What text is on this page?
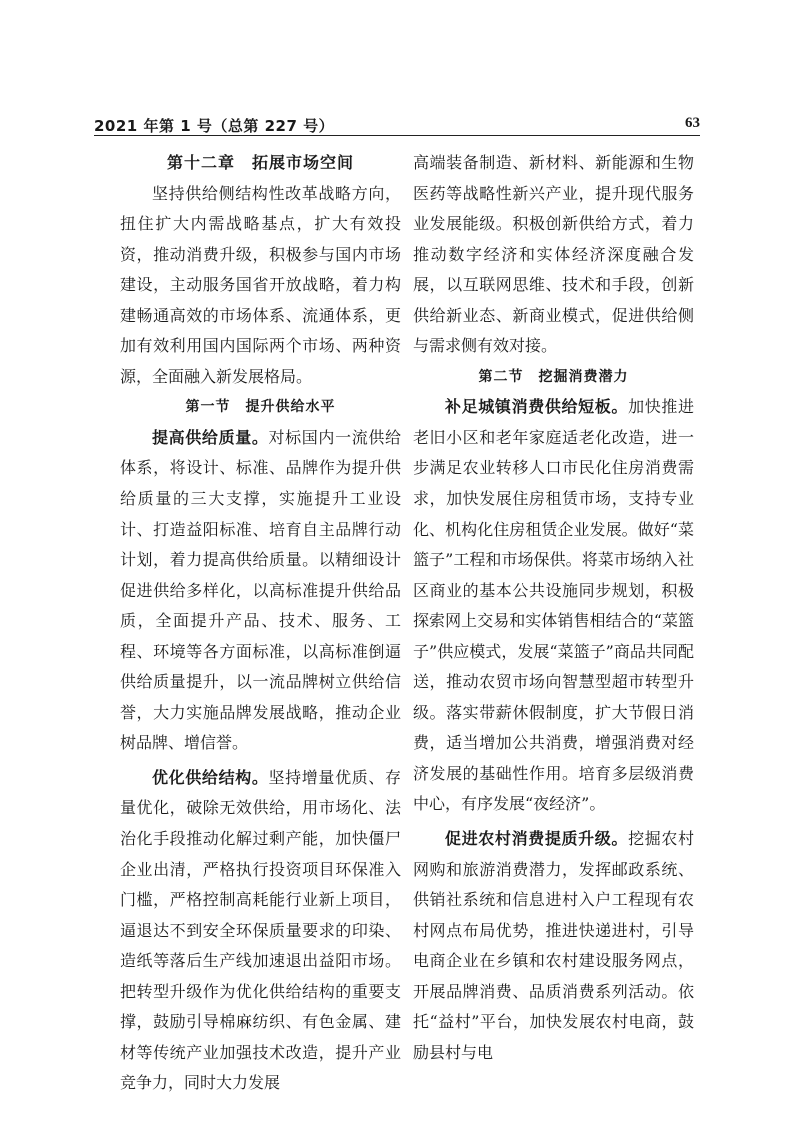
2021 年第 1 号（总第 227 号）	63
第十二章　拓展市场空间

坚持供给侧结构性改革战略方向，扭住扩大内需战略基点，扩大有效投资，推动消费升级，积极参与国内市场建设，主动服务国省开放战略，着力构建畅通高效的市场体系、流通体系，更加有效利用国内国际两个市场、两种资源，全面融入新发展格局。

第一节　提升供给水平

提高供给质量。对标国内一流供给体系，将设计、标准、品牌作为提升供给质量的三大支撑，实施提升工业设计、打造益阳标准、培育自主品牌行动计划，着力提高供给质量。以精细设计促进供给多样化，以高标准提升供给品质，全面提升产品、技术、服务、工程、环境等各方面标准，以高标准倒逼供给质量提升，以一流品牌树立供给信誉，大力实施品牌发展战略，推动企业树品牌、增信誉。

优化供给结构。坚持增量优质、存量优化，破除无效供给，用市场化、法治化手段推动化解过剩产能，加快僵尸企业出清，严格执行投资项目环保准入门槛，严格控制高耗能行业新上项目，逼退达不到安全环保质量要求的印染、造纸等落后生产线加速退出益阳市场。把转型升级作为优化供给结构的重要支撑，鼓励引导棉麻纺织、有色金属、建材等传统产业加强技术改造，提升产业竞争力，同时大力发展

高端装备制造、新材料、新能源和生物医药等战略性新兴产业，提升现代服务业发展能级。积极创新供给方式，着力推动数字经济和实体经济深度融合发展，以互联网思维、技术和手段，创新供给新业态、新商业模式，促进供给侧与需求侧有效对接。

第二节　挖掘消费潜力

补足城镇消费供给短板。加快推进老旧小区和老年家庭适老化改造，进一步满足农业转移人口市民化住房消费需求，加快发展住房租赁市场，支持专业化、机构化住房租赁企业发展。做好“菜篮子”工程和市场保供。将菜市场纳入社区商业的基本公共设施同步规划，积极探索网上交易和实体销售相结合的“菜篮子”供应模式，发展“菜篮子”商品共同配送，推动农贸市场向智慧型超市转型升级。落实带薪休假制度，扩大节假日消费，适当增加公共消费，增强消费对经济发展的基础性作用。培育多层级消费中心，有序发展“夜经济”。

促进农村消费提质升级。挖掘农村网购和旅游消费潜力，发挥邮政系统、供销社系统和信息进村入户工程现有农村网点布局优势，推进快递进村，引导电商企业在乡镇和农村建设服务网点，开展品牌消费、品质消费系列活动。依托“益村”平台，加快发展农村电商，鼓励县村与电
